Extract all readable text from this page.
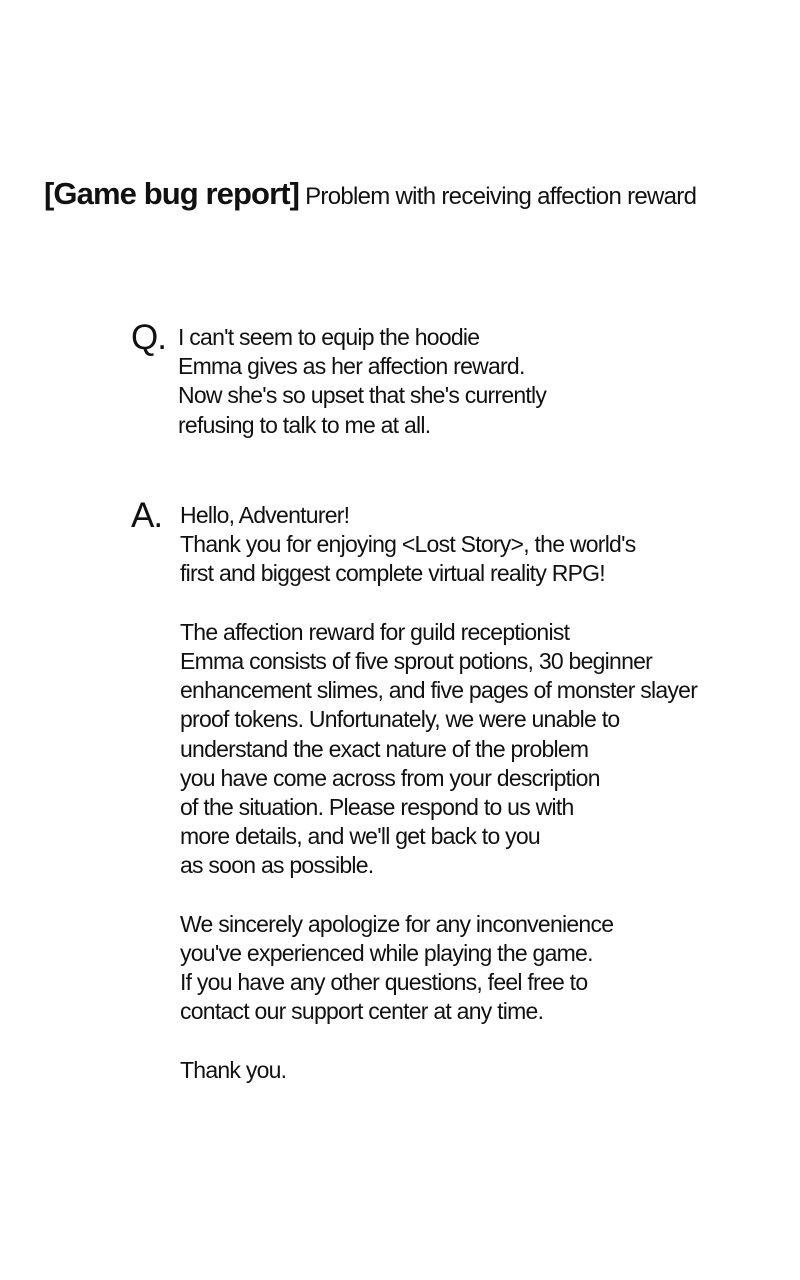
[Game bug report] Problem with receiving affection reward
Q. I can't seem to equip the hoodie
Emma gives as her affection reward.
Now she's so upset that she's currently
refusing to talk to me at all.
A. Hello, Adventurer!
Thank you for enjoying <Lost Story>, the world's
first and biggest complete virtual reality RPG!
The affection reward for guild receptionist
Emma consists of five sprout potions, 30 beginner
enhancement slimes, and five pages of monster slayer
proof tokens. Unfortunately, we were unable to
understand the exact nature of the problem
you have come across from your description
of the situation. Please respond to us with
more details, and we'll get back to you
as soon as possible.
We sincerely apologize for any inconvenience
you've experienced while playing the game.
If you have any other questions, feel free to
contact our support center at any time.
Thank you.
